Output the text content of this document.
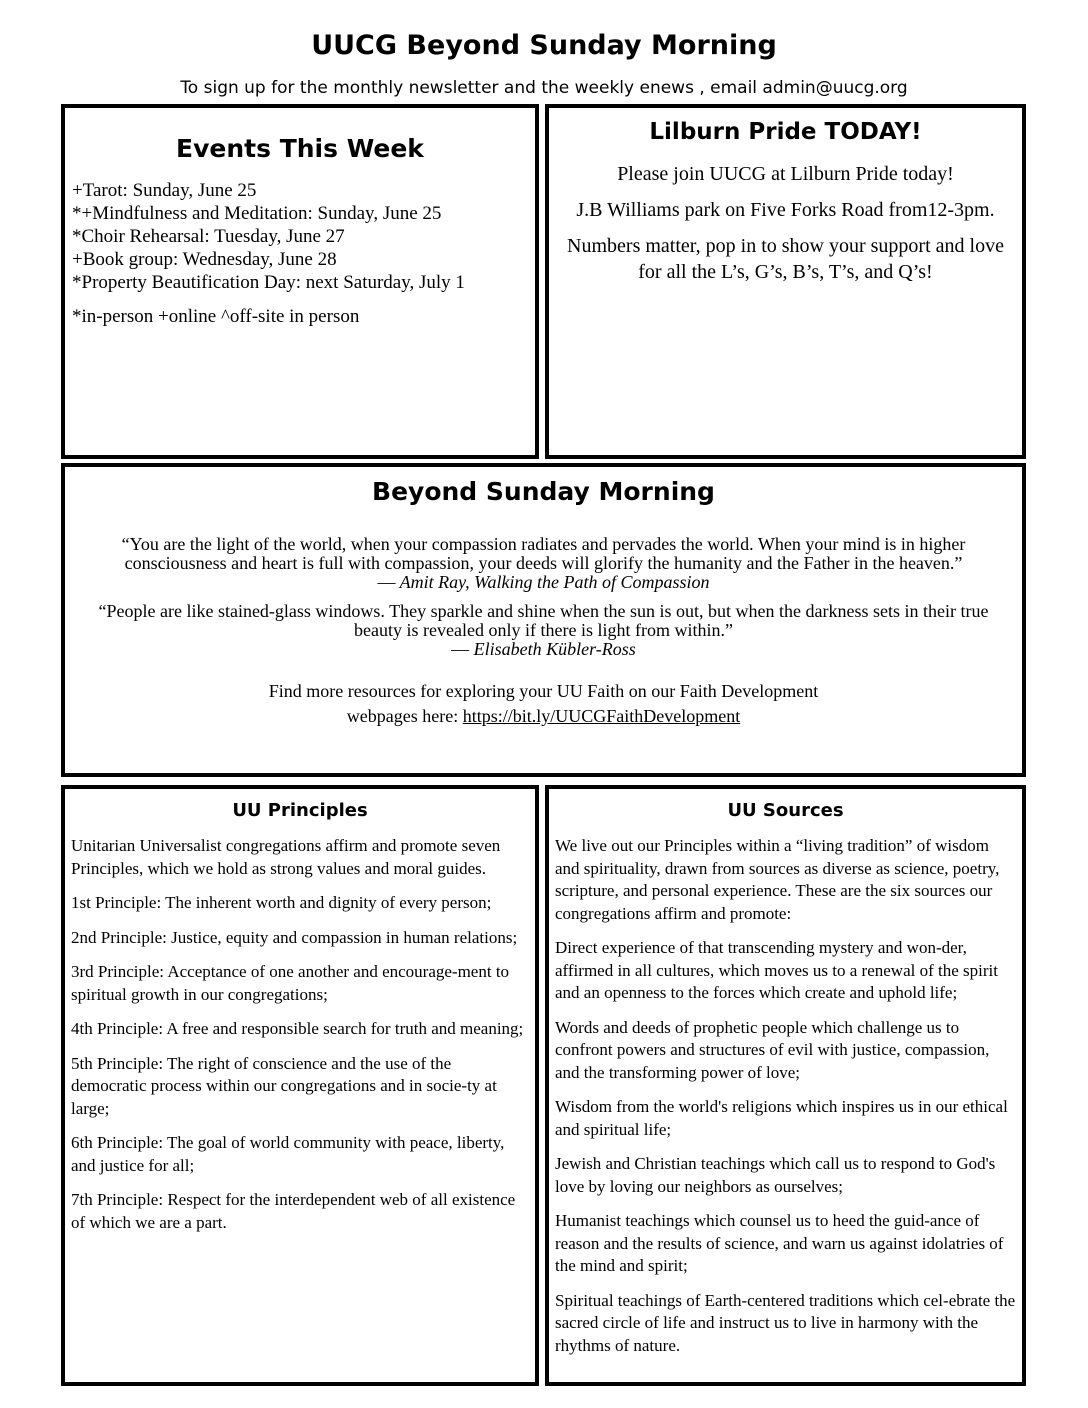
UUCG Beyond Sunday Morning
To sign up for the monthly newsletter and the weekly enews , email admin@uucg.org
Events This Week
+Tarot: Sunday, June 25
*+Mindfulness and Meditation: Sunday, June 25
*Choir Rehearsal: Tuesday, June 27
+Book group: Wednesday, June 28
*Property Beautification Day: next Saturday, July 1
*in-person +online ^off-site in person
Lilburn Pride TODAY!

Please join UUCG at Lilburn Pride today!

J.B Williams park on Five Forks Road from12-3pm.

Numbers matter, pop in to show your support and love for all the L’s, G’s, B’s, T’s, and Q’s!

Beyond Sunday Morning
“You are the light of the world, when your compassion radiates and pervades the world. When your mind is in higher consciousness and heart is full with compassion, your deeds will glorify the humanity and the Father in the heaven.”
― Amit Ray, Walking the Path of Compassion
“People are like stained-glass windows. They sparkle and shine when the sun is out, but when the darkness sets in their true beauty is revealed only if there is light from within.”
― Elisabeth Kübler-Ross
Find more resources for exploring your UU Faith on our Faith Development
webpages here: https://bit.ly/UUCGFaithDevelopment
UU Principles

Unitarian Universalist congregations affirm and promote seven Principles, which we hold as strong values and moral guides.

1st Principle: The inherent worth and dignity of every person;

2nd Principle: Justice, equity and compassion in human relations;

3rd Principle: Acceptance of one another and encourage-ment to spiritual growth in our congregations;

4th Principle: A free and responsible search for truth and meaning;

5th Principle: The right of conscience and the use of the democratic process within our congregations and in socie-ty at large;

6th Principle: The goal of world community with peace, liberty, and justice for all;

7th Principle: Respect for the interdependent web of all existence of which we are a part.

UU Sources

We live out our Principles within a “living tradition” of wisdom and spirituality, drawn from sources as diverse as science, poetry, scripture, and personal experience. These are the six sources our congregations affirm and promote:

Direct experience of that transcending mystery and won-der, affirmed in all cultures, which moves us to a renewal of the spirit and an openness to the forces which create and uphold life;

Words and deeds of prophetic people which challenge us to confront powers and structures of evil with justice, compassion, and the transforming power of love;

Wisdom from the world's religions which inspires us in our ethical and spiritual life;

Jewish and Christian teachings which call us to respond to God's love by loving our neighbors as ourselves;

Humanist teachings which counsel us to heed the guid-ance of reason and the results of science, and warn us against idolatries of the mind and spirit;

Spiritual teachings of Earth-centered traditions which cel-ebrate the sacred circle of life and instruct us to live in harmony with the rhythms of nature.
